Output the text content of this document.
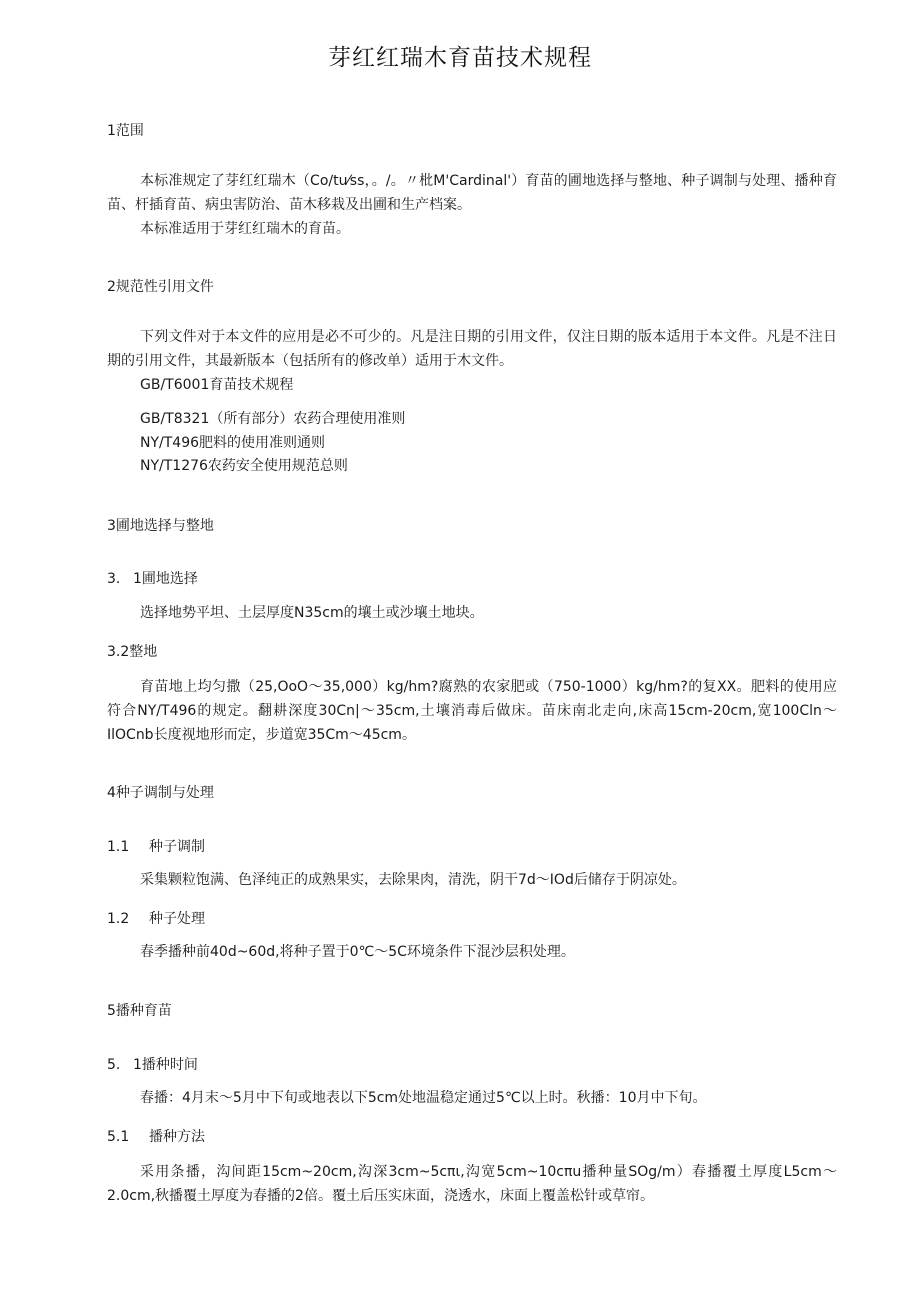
芽红红瑞木育苗技术规程
1范围
本标准规定了芽红红瑞木（Co∕tu⁄ss，。/。〃枇M'Cardinal'）育苗的圃地选择与整地、种子调制与处理、播种育苗、杆插育苗、病虫害防治、苗木移栽及出圃和生产档案。
本标准适用于芽红红瑞木的育苗。
2规范性引用文件
下列文件对于本文件的应用是必不可少的。凡是注日期的引用文件，仅注日期的版本适用于本文件。凡是不注日期的引用文件，其最新版本（包括所有的修改单）适用于木文件。
GB/T6001育苗技术规程
GB/T8321（所有部分）农药合理使用准则
NY/T496肥料的使用准则通则
NY/T1276农药安全使用规范总则
3圃地选择与整地
3. 1圃地选择
选择地势平坦、土层厚度N35cm的壤土或沙壤土地块。
3.2整地
育苗地上均匀撒（25,OoO～35,000）kg/hm?腐熟的农家肥或（750-1000）kg/hm?的复XX。肥料的使用应符合NY/T496的规定。翻耕深度30Cn|～35cm,土壤消毒后做床。苗床南北走向,床高15cm-20cm,宽100Cln～IlOCnb长度视地形而定，步道宽35Cm～45cm。
4种子调制与处理
1.1 种子调制
采集颗粒饱满、色泽纯正的成熟果实，去除果肉，清洗，阴干7d～IOd后储存于阴凉处。
1.2 种子处理
春季播种前40d~60d,将种子置于0℃～5C环境条件下混沙层积处理。
5播种育苗
5. 1播种时间
春播：4月末～5月中下旬或地表以下5cm处地温稳定通过5℃以上时。秋播：10月中下旬。
5.1 播种方法
采用条播，沟间距15cm~20cm,沟深3cm~5cπι,沟宽5cm~10cπu播种量SOg/m）春播覆土厚度L5cm～2.0cm,秋播覆土厚度为春播的2倍。覆土后压实床面，浇透水，床面上覆盖松针或草帘。
